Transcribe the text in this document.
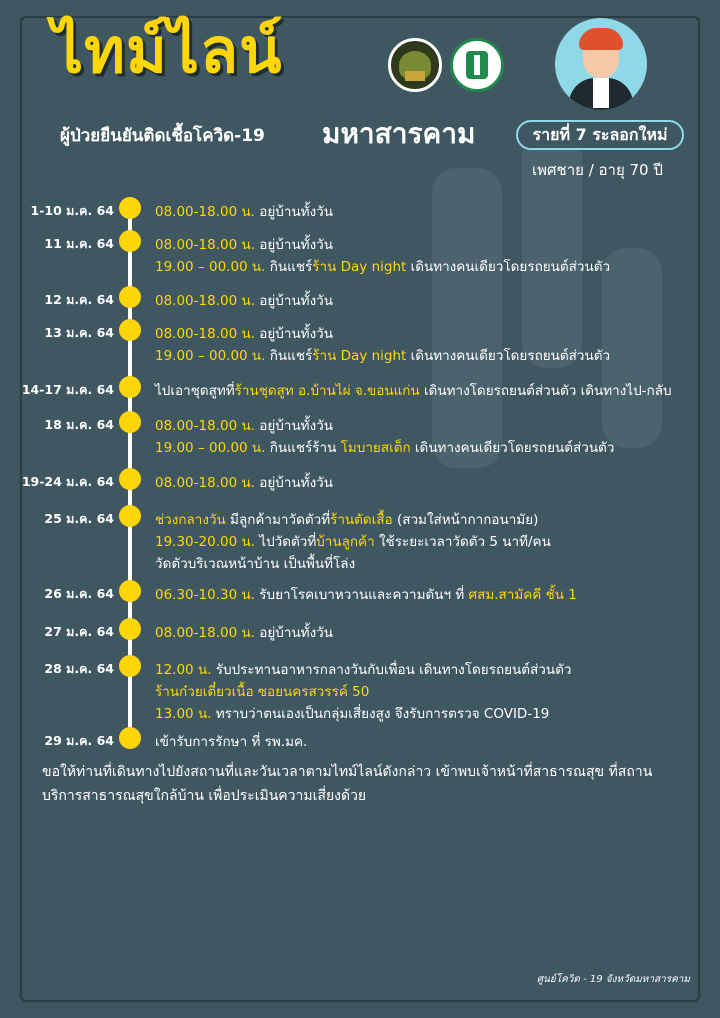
ไทม์ไลน์
ผู้ป่วยยืนยันติดเชื้อโควิด-19 มหาสารคาม	รายที่ 7 ระลอกใหม่
เพศชาย / อายุ 70 ปี
1-10 ม.ค. 64	08.00-18.00 น. อยู่บ้านทั้งวัน
11 ม.ค. 64	08.00-18.00 น. อยู่บ้านทั้งวัน
19.00 – 00.00 น. กินแชร์ร้าน Day night เดินทางคนเดียวโดยรถยนต์ส่วนตัว
12 ม.ค. 64	08.00-18.00 น. อยู่บ้านทั้งวัน
13 ม.ค. 64	08.00-18.00 น. อยู่บ้านทั้งวัน
19.00 – 00.00 น. กินแชร์ร้าน Day night เดินทางคนเดียวโดยรถยนต์ส่วนตัว
14-17 ม.ค. 64	ไปเอาชุดสูทที่ร้านชุดสูท อ.บ้านไผ่ จ.ขอนแก่น เดินทางโดยรถยนต์ส่วนตัว เดินทางไป-กลับ
18 ม.ค. 64	08.00-18.00 น. อยู่บ้านทั้งวัน
19.00 – 00.00 น. กินแชร์ร้าน โมบายสเต็ก เดินทางคนเดียวโดยรถยนต์ส่วนตัว
19-24 ม.ค. 64	08.00-18.00 น. อยู่บ้านทั้งวัน
25 ม.ค. 64	ช่วงกลางวัน มีลูกค้ามาวัดตัวที่ร้านตัดเสื้อ (สวมใส่หน้ากากอนามัย)
19.30-20.00 น. ไปวัดตัวที่บ้านลูกค้า ใช้ระยะเวลาวัดตัว 5 นาที/คน
วัดตัวบริเวณหน้าบ้าน เป็นพื้นที่โล่ง
26 ม.ค. 64	06.30-10.30 น. รับยาโรคเบาหวานและความดันฯ ที่ ศสม.สามัคคี ชั้น 1
27 ม.ค. 64	08.00-18.00 น. อยู่บ้านทั้งวัน
28 ม.ค. 64	12.00 น. รับประทานอาหารกลางวันกับเพื่อน เดินทางโดยรถยนต์ส่วนตัว
ร้านก๋วยเตี๋ยวเนื้อ ซอยนครสวรรค์ 50
13.00 น. ทราบว่าตนเองเป็นกลุ่มเสี่ยงสูง จึงรับการตรวจ COVID-19
29 ม.ค. 64	เข้ารับการรักษา ที่ รพ.มค.
ขอให้ท่านที่เดินทางไปยังสถานที่และวันเวลาตามไทม์ไลน์ดังกล่าว เข้าพบเจ้าหน้าที่สาธารณสุข ที่สถานบริการสาธารณสุขใกล้บ้าน เพื่อประเมินความเสี่ยงด้วย
ศูนย์โควิด - 19 จังหวัดมหาสารคาม
